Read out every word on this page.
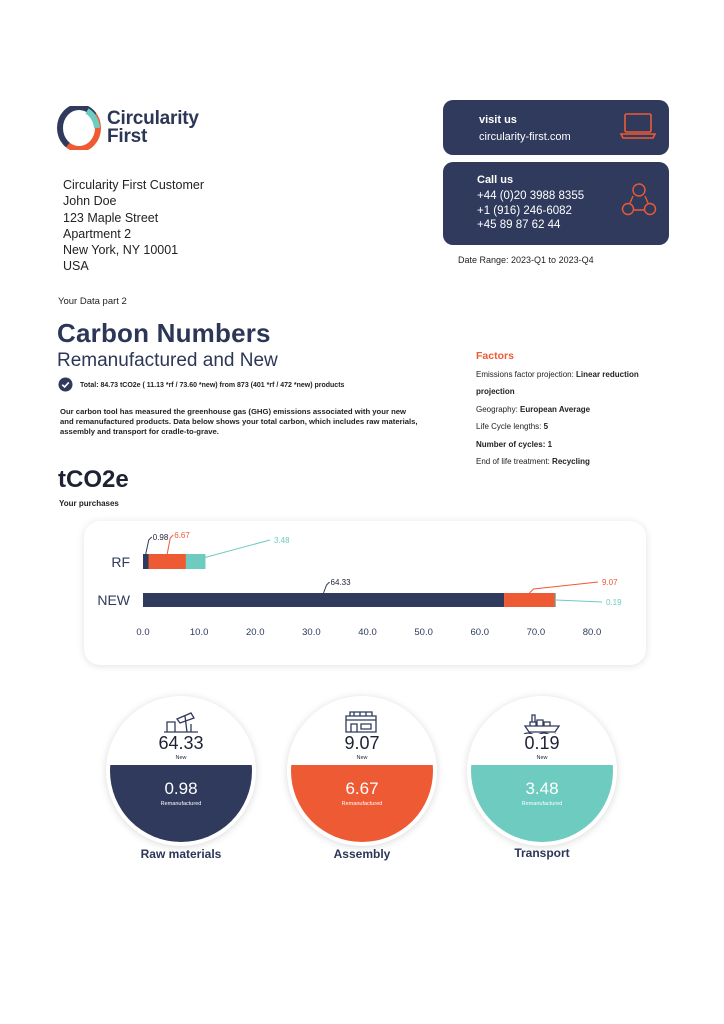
Circularity
First
Circularity First Customer
John Doe
123 Maple Street
Apartment 2
New York, NY 10001
USA
visit us
circularity-first.com
Call us
+44 (0)20 3988 8355
+1 (916) 246-6082
+45 89 87 62 44
Date Range: 2023-Q1 to 2023-Q4
Your Data part 2
Carbon Numbers
Remanufactured and New
Total: 84.73 tCO2e ( 11.13 *rf / 73.60 *new) from 873 (401 *rf / 472 *new) products
Our carbon tool has measured the greenhouse gas (GHG) emissions associated with your new and remanufactured products. Data below shows your total carbon, which includes raw materials, assembly and transport for cradle-to-grave.
Factors
Emissions factor projection: Linear reduction projection
Geography: European Average
Life Cycle lengths: 5
Number of cycles: 1
End of life treatment: Recycling
tCO2e
Your purchases
RF
NEW
0.98 6.67
3.48
64.33	9.07
0.19
0.0	10.0	20.0	30.0	40.0	50.0	60.0	70.0	80.0
64.33
New
0.98
Remanufactured
9.07
New
6.67
Remanufactured
0.19
New
3.48
Remanufactured
Raw materials	Assembly	Transport
